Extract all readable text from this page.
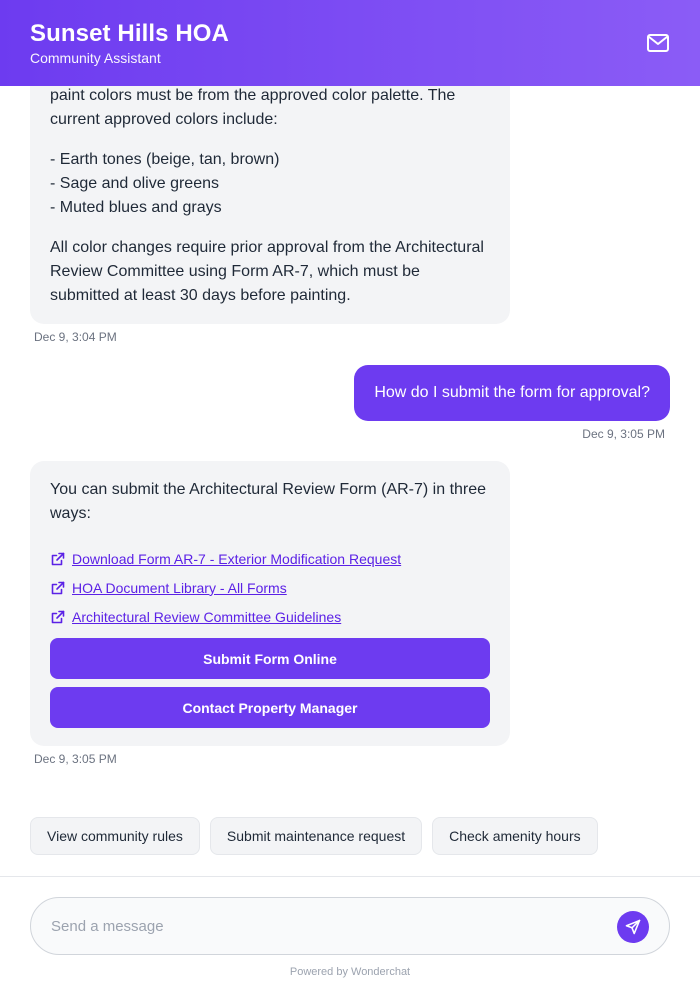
Sunset Hills HOA
Community Assistant

paint colors must be from the approved color palette. The current approved colors include:

- Earth tones (beige, tan, brown)
- Sage and olive greens
- Muted blues and grays

All color changes require prior approval from the Architectural Review Committee using Form AR-7, which must be submitted at least 30 days before painting.

Dec 9, 3:04 PM
How do I submit the form for approval?
Dec 9, 3:05 PM

You can submit the Architectural Review Form (AR-7) in three ways:

Download Form AR-7 - Exterior Modification Request
HOA Document Library - All Forms
Architectural Review Committee Guidelines
Submit Form Online
Contact Property Manager
Dec 9, 3:05 PM
View community rules	Submit maintenance request	Check amenity hours
Send a message
Powered by Wonderchat
